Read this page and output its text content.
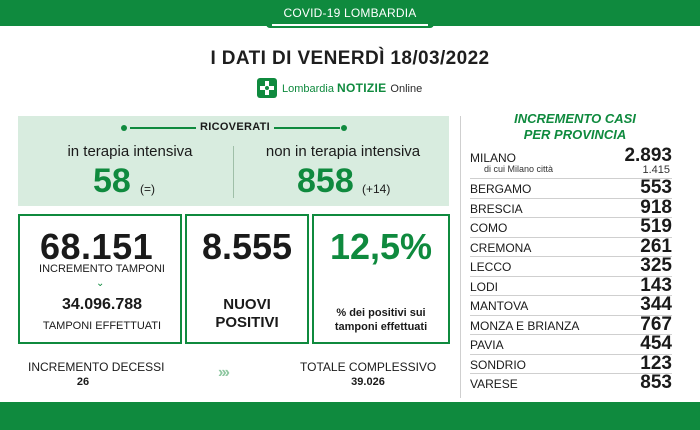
COVID-19 LOMBARDIA
I DATI DI VENERDÌ 18/03/2022
Lombardia NOTIZIE Online
RICOVERATI
in terapia intensiva
58 (=)
non in terapia intensiva
858 (+14)
68.151
INCREMENTO TAMPONI
⌄
34.096.788
TAMPONI EFFETTUATI
8.555
NUOVI
POSITIVI
12,5%
% dei positivi sui
tamponi effettuati
INCREMENTO DECESSI
26
›››	TOTALE COMPLESSIVO
39.026
INCREMENTO CASI
PER PROVINCIA
MILANO	2.893
di cui Milano città	1.415
BERGAMO	553
BRESCIA	918
COMO	519
CREMONA	261
LECCO	325
LODI	143
MANTOVA	344
MONZA E BRIANZA	767
PAVIA	454
SONDRIO	123
VARESE	853
